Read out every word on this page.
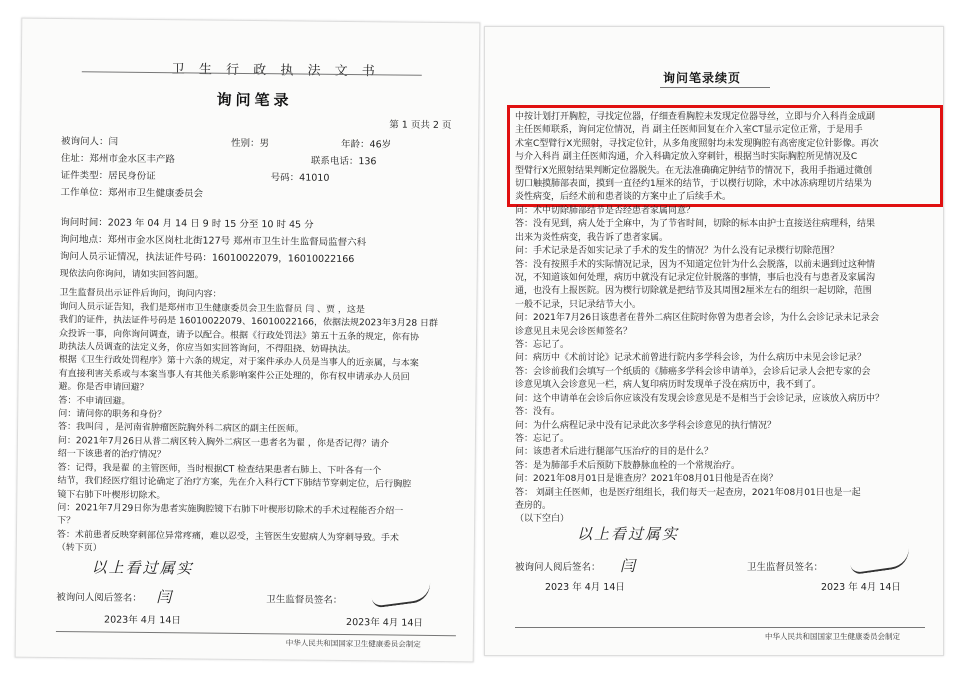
卫 生 行 政 执 法 文 书
询问笔录
第 1 页共 2 页
被询问人：闫	性别：男	年龄：46岁
住址：郑州市金水区丰产路	联系电话：136
证件类型：居民身份证	号码：41010
工作单位：郑州市卫生健康委员会
询问时间：2023 年 04 月 14 日 9 时 15 分至 10 时 45 分
询问地点：郑州市金水区岗杜北街127号 郑州市卫生计生监督局监督六科
询问人员示证情况，执法证件号码：16010022079，16010022166
现依法向你询问，请如实回答问题。
卫生监督员出示证件后询问，询问内容：
询问人员示证告知，我们是郑州市卫生健康委员会卫生监督员 闫 、贾 ，这是
我们的证件，执法证件号码是 16010022079、16010022166，依据法规2023年3月28 日群
众投诉一事，向你询问调查，请予以配合。根据《行政处罚法》第五十五条的规定，你有协
助执法人员调查的法定义务，你应当如实回答询问，不得阻挠、妨碍执法。
根据《卫生行政处罚程序》第十六条的规定，对于案件承办人员是当事人的近亲属，与本案
有直接利害关系或与本案当事人有其他关系影响案件公正处理的，你有权申请承办人员回
避。你是否申请回避？
答：不申请回避。
问：请问你的职务和身份？
答：我叫闫 ，是河南省肿瘤医院胸外科二病区的副主任医师。
问：2021年7月26日从普二病区转入胸外二病区一患者名为翟 ，你是否记得？请介
绍一下该患者的治疗情况？
答：记得，我是翟 的主管医师，当时根据CT 检查结果患者右肺上、下叶各有一个
结节，我们经医疗组讨论确定了治疗方案，先在介入科行CT下肺结节穿刺定位，后行胸腔
镜下右肺下叶楔形切除术。
问：2021年7月29日你为患者实施胸腔镜下右肺下叶楔形切除术的手术过程能否介绍一
下？
答：术前患者反映穿刺部位异常疼痛，难以忍受，主管医生安慰病人为穿刺导致。手术
（转下页）
以上看过属实
被询问人阅后签名： 闫
2023年 4月 14日
卫生监督员签名：
2023年 4月 14日
中华人民共和国国家卫生健康委员会制定
询问笔录续页
中按计划打开胸腔，寻找定位器，仔细查看胸腔未发现定位器导丝，立即与介入科肖金成副
主任医师联系，询问定位情况，肖 副主任医师回复在介入室CT显示定位正常，于是用手
术室C型臂行X光照射，寻找定位针，从多角度照射均未发现胸腔有高密度定位针影像。再次
与介入科肖 副主任医师沟通，介入科确定放入穿刺针，根据当时实际胸腔所见情况及C
型臂行X光照射结果判断定位器脱失。在无法准确确定肿结节的情况下，我用手指通过微创
切口触摸肺部表面，摸到一直径约1厘米的结节，于以楔行切除，术中冰冻病理切片结果为
炎性病变，后经术前和患者谈的方案中止了后续手术。
问：术中切除肺部结节是否经患者家属同意？
答：没有见到，病人处于全麻中，为了节省时间，切除的标本由护士直接送往病理科，结果
出来为炎性病变，我告诉了患者家属。
问：手术记录是否如实记录了手术的发生的情况？为什么没有记录楔行切除范围？
答：没有按照手术的实际情况记录，因为不知道定位针为什么会脱落，以前未遇到过这种情
况，不知道该如何处理，病历中就没有记录定位针脱落的事情，事后也没有与患者及家属沟
通，也没有上报医院。因为楔行切除就是把结节及其周围2厘米左右的组织一起切除，范围
一般不记录，只记录结节大小。
问：2021年7月26日该患者在普外二病区住院时你曾为患者会诊，为什么会诊记录未记录会
诊意见且未见会诊医师签名？
答：忘记了。
问：病历中《术前讨论》记录术前曾进行院内多学科会诊，为什么病历中未见会诊记录？
答：会诊前我们会填写一个纸质的《肺癌多学科会诊申请单》，会诊后记录人会把专家的会
诊意见填入会诊意见一栏，病人复印病历时发现单子没在病历中，我不到了。
问：这个申请单在会诊后你应该没有发现会诊意见是不是相当于会诊记录，应该放入病历中？
答：没有。
问：为什么病程记录中没有记录此次多学科会诊意见的执行情况？
答：忘记了。
问：该患者术后进行腿部气压治疗的目的是什么？
答：是为肺部手术后预防下肢静脉血栓的一个常规治疗。
问：2021年08月01日是谁查房？2021年08月01日他是否在岗？
答： 刘副主任医师，也是医疗组组长，我们每天一起查房，2021年08月01日也是一起
查房的。
（以下空白）
以上看过属实
被询问人阅后签名： 闫
2023 年 4月 14日
卫生监督员签名：
2023 年 4月 14日
中华人民共和国国家卫生健康委员会制定
